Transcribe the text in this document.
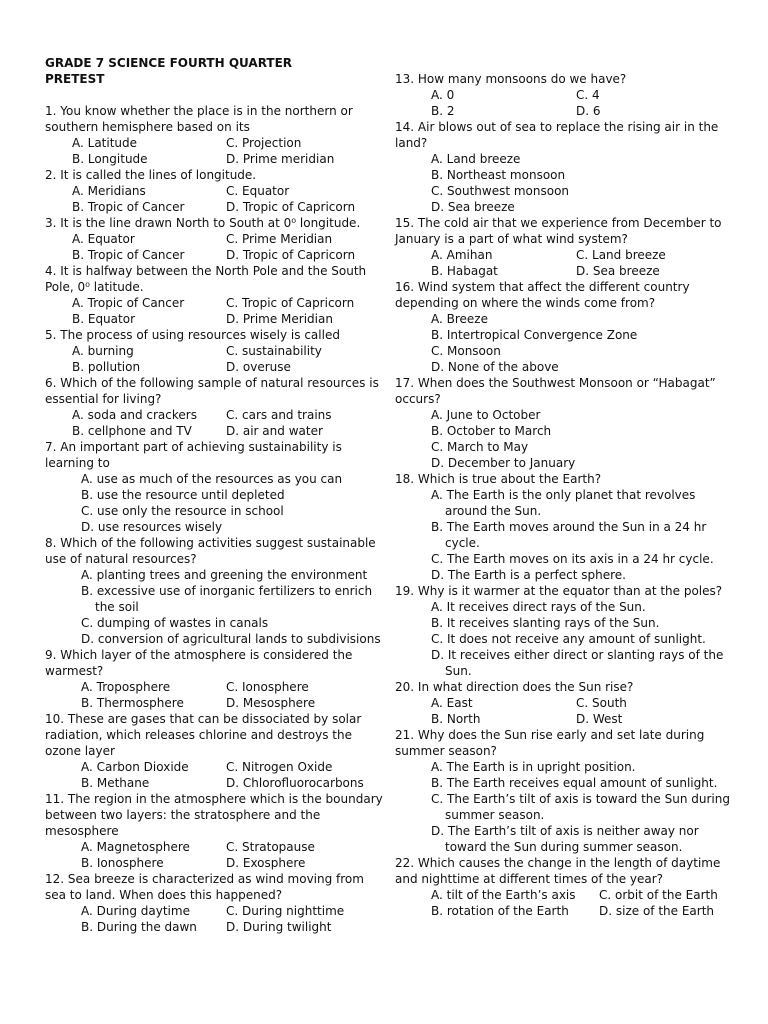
GRADE 7 SCIENCE FOURTH QUARTER
PRETEST
1. You know whether the place is in the northern or southern hemisphere based on its
A. Latitude	C. Projection
B. Longitude	D. Prime meridian
2. It is called the lines of longitude.
A. Meridians	C. Equator
B. Tropic of Cancer	D. Tropic of Capricorn
3. It is the line drawn North to South at 0⁰ longitude.
A. Equator	C. Prime Meridian
B. Tropic of Cancer	D. Tropic of Capricorn
4. It is halfway between the North Pole and the South Pole, 0⁰ latitude.
A. Tropic of Cancer	C. Tropic of Capricorn
B. Equator	D. Prime Meridian
5. The process of using resources wisely is called
A. burning	C. sustainability
B. pollution	D. overuse
6. Which of the following sample of natural resources is essential for living?
A. soda and crackers	C. cars and trains
B. cellphone and TV	D. air and water
7. An important part of achieving sustainability is learning to
A. use as much of the resources as you can
B. use the resource until depleted
C. use only the resource in school
D. use resources wisely
8. Which of the following activities suggest sustainable use of natural resources?
A. planting trees and greening the environment
B. excessive use of inorganic fertilizers to enrich the soil
C. dumping of wastes in canals
D. conversion of agricultural lands to subdivisions
9. Which layer of the atmosphere is considered the warmest?
A. Troposphere	C. Ionosphere
B. Thermosphere	D. Mesosphere
10. These are gases that can be dissociated by solar radiation, which releases chlorine and destroys the ozone layer
A. Carbon Dioxide	C. Nitrogen Oxide
B. Methane	D. Chlorofluorocarbons
11. The region in the atmosphere which is the boundary between two layers: the stratosphere and the mesosphere
A. Magnetosphere	C. Stratopause
B. Ionosphere	D. Exosphere
12. Sea breeze is characterized as wind moving from sea to land. When does this happened?
A. During daytime	C. During nighttime
B. During the dawn	D. During twilight
13. How many monsoons do we have?
A. 0	C. 4
B. 2	D. 6
14. Air blows out of sea to replace the rising air in the land?
A. Land breeze
B. Northeast monsoon
C. Southwest monsoon
D. Sea breeze
15. The cold air that we experience from December to January is a part of what wind system?
A. Amihan	C. Land breeze
B. Habagat	D. Sea breeze
16. Wind system that affect the different country depending on where the winds come from?
A. Breeze
B. Intertropical Convergence Zone
C. Monsoon
D. None of the above
17. When does the Southwest Monsoon or “Habagat” occurs?
A. June to October
B. October to March
C. March to May
D. December to January
18. Which is true about the Earth?
A. The Earth is the only planet that revolves around the Sun.
B. The Earth moves around the Sun in a 24 hr cycle.
C. The Earth moves on its axis in a 24 hr cycle.
D. The Earth is a perfect sphere.
19. Why is it warmer at the equator than at the poles?
A. It receives direct rays of the Sun.
B. It receives slanting rays of the Sun.
C. It does not receive any amount of sunlight.
D. It receives either direct or slanting rays of the Sun.
20. In what direction does the Sun rise?
A. East	C. South
B. North	D. West
21. Why does the Sun rise early and set late during summer season?
A. The Earth is in upright position.
B. The Earth receives equal amount of sunlight.
C. The Earth’s tilt of axis is toward the Sun during summer season.
D. The Earth’s tilt of axis is neither away nor toward the Sun during summer season.
22. Which causes the change in the length of daytime and nighttime at different times of the year?
A. tilt of the Earth’s axis	C. orbit of the Earth
B. rotation of the Earth	D. size of the Earth
